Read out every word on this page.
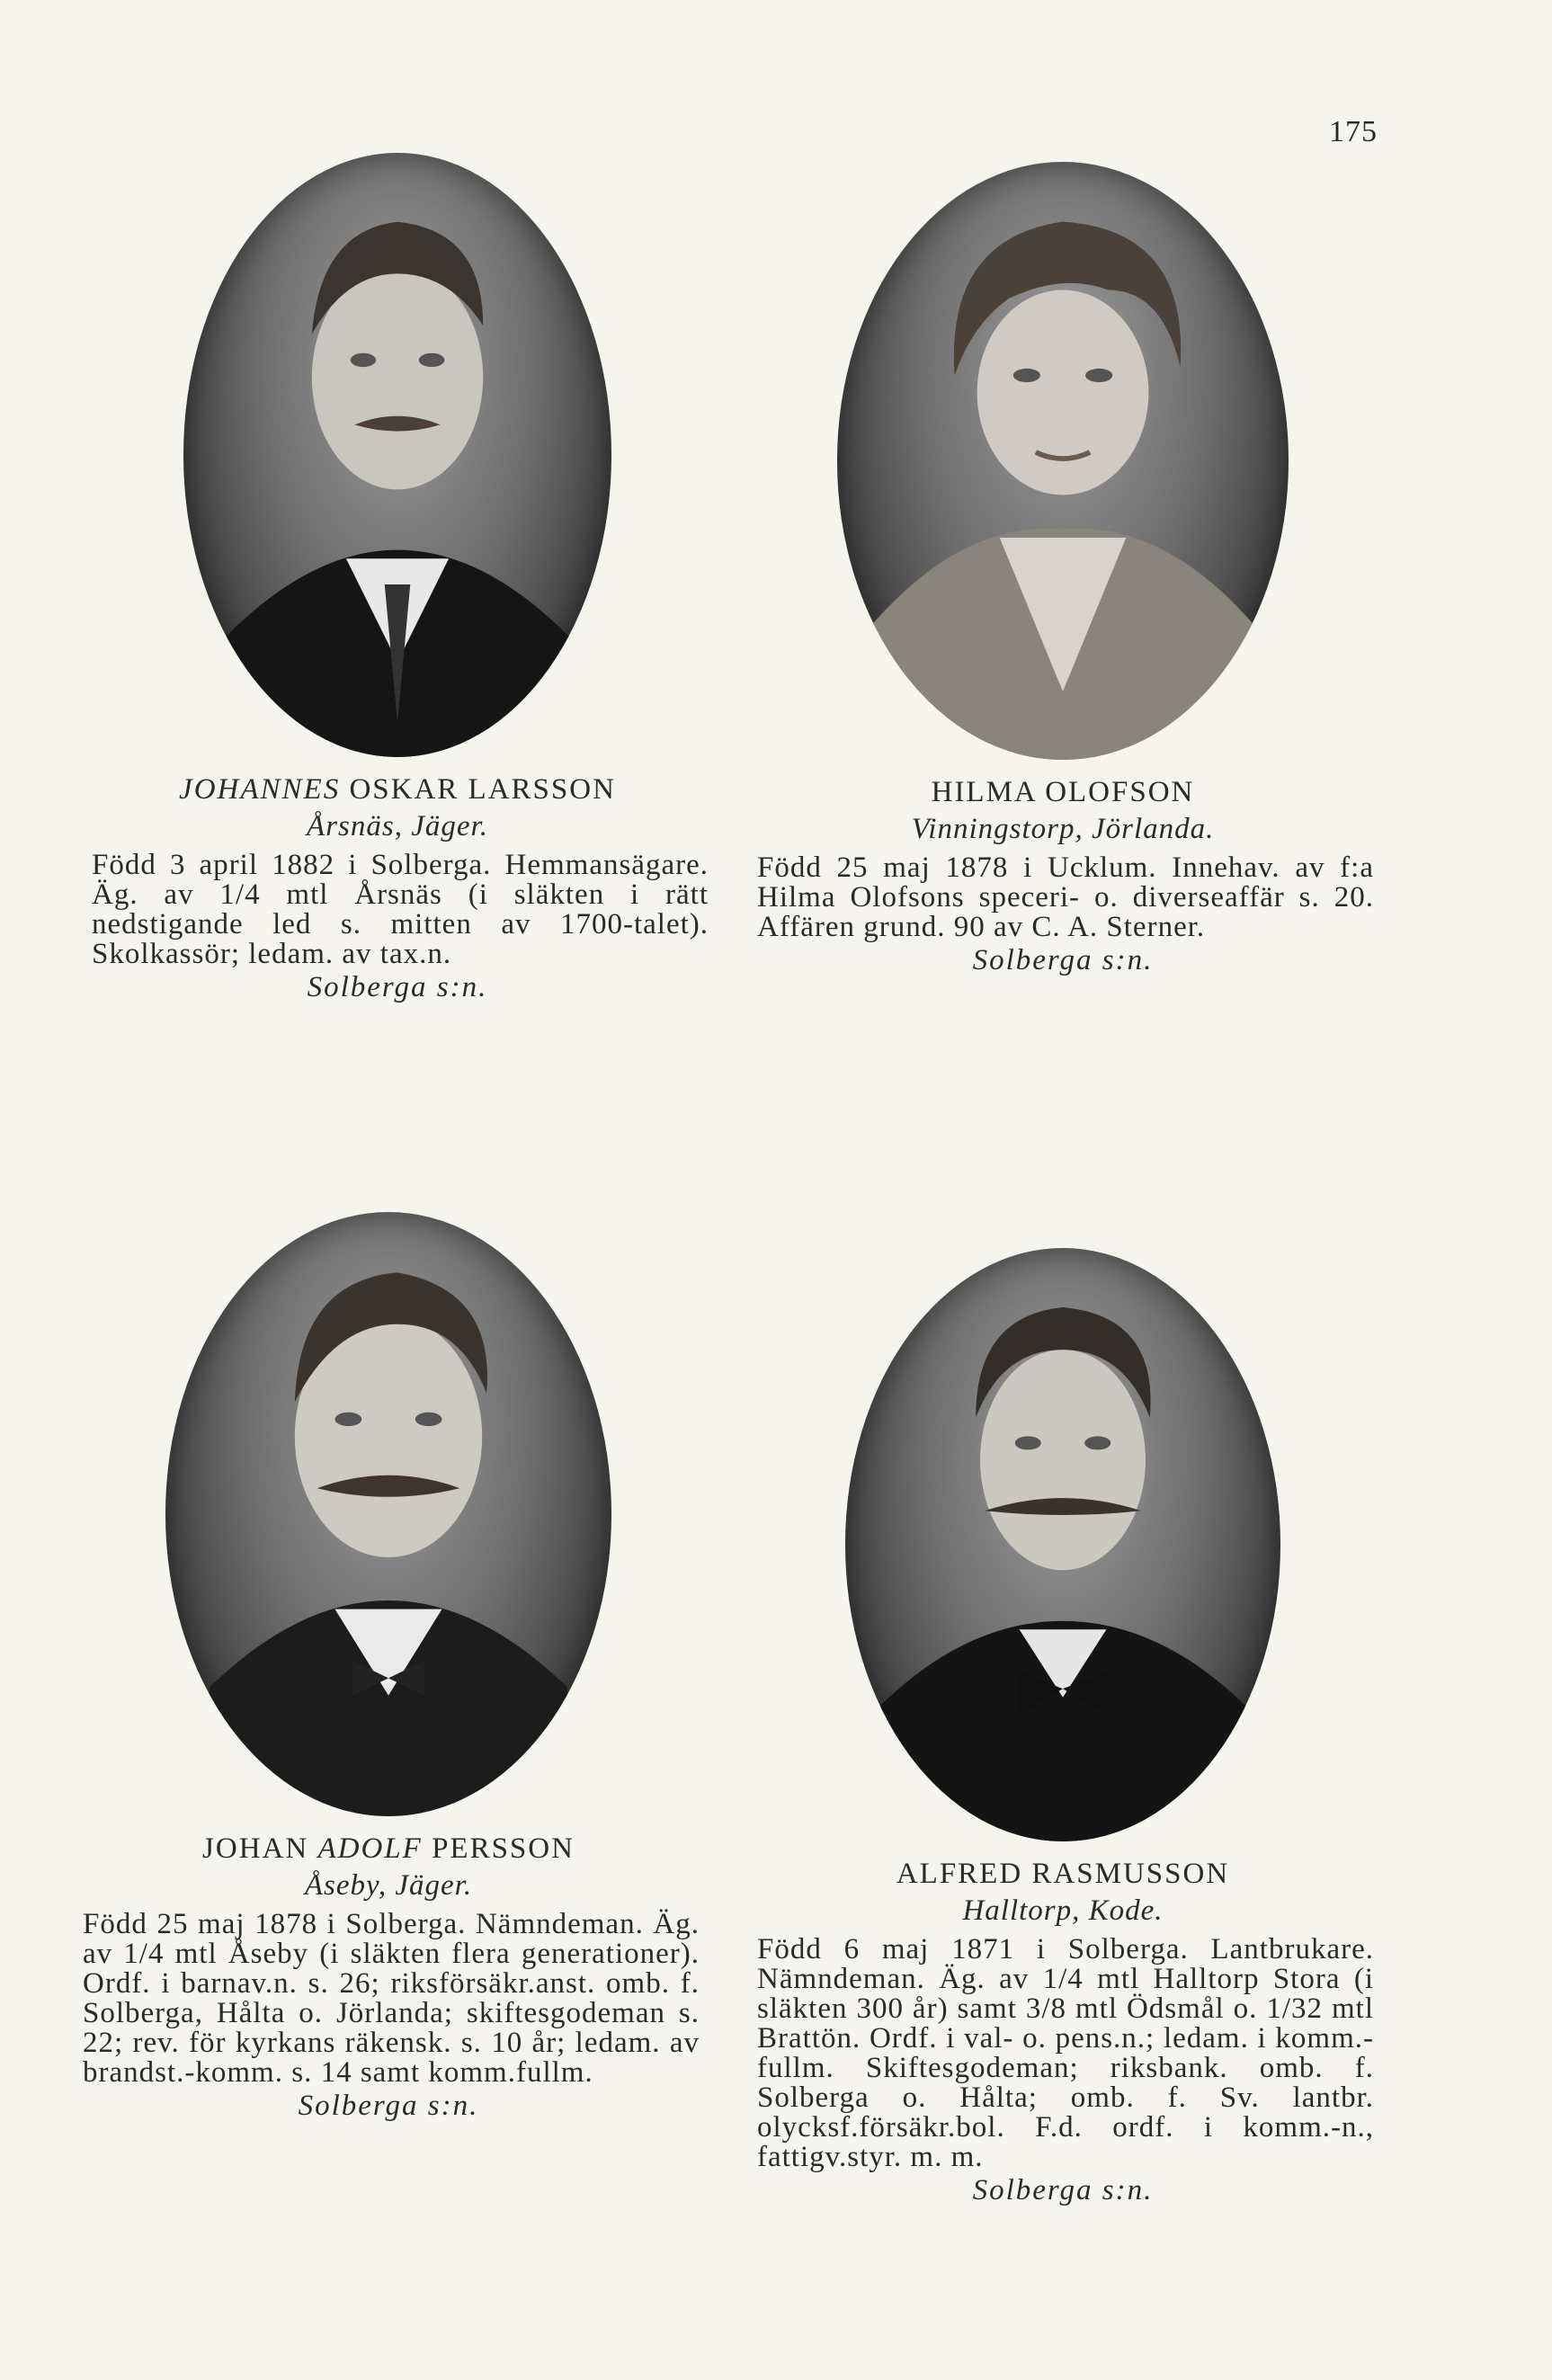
175
JOHANNES OSKAR LARSSON
Årsnäs, Jäger.
Född 3 april 1882 i Solberga. Hemmansägare. Äg. av 1/4 mtl Årsnäs (i släkten i rätt nedstigande led s. mitten av 1700-talet). Skolkassör; ledam. av tax.n.
Solberga s:n.
HILMA OLOFSON
Vinningstorp, Jörlanda.
Född 25 maj 1878 i Ucklum. Innehav. av f:a Hilma Olofsons speceri- o. diverseaffär s. 20. Affären grund. 90 av C. A. Sterner.
Solberga s:n.
JOHAN ADOLF PERSSON
Åseby, Jäger.
Född 25 maj 1878 i Solberga. Nämndeman. Äg. av 1/4 mtl Åseby (i släkten flera generationer). Ordf. i barnav.n. s. 26; riksförsäkr.anst. omb. f. Solberga, Hålta o. Jörlanda; skiftesgodeman s. 22; rev. för kyrkans räkensk. s. 10 år; ledam. av brandst.-komm. s. 14 samt komm.fullm.
Solberga s:n.
ALFRED RASMUSSON
Halltorp, Kode.
Född 6 maj 1871 i Solberga. Lantbrukare. Nämndeman. Äg. av 1/4 mtl Halltorp Stora (i släkten 300 år) samt 3/8 mtl Ödsmål o. 1/32 mtl Brattön. Ordf. i val- o. pens.n.; ledam. i komm.-fullm. Skiftesgodeman; riksbank. omb. f. Solberga o. Hålta; omb. f. Sv. lantbr. olycksf.försäkr.bol. F.d. ordf. i komm.-n., fattigv.styr. m. m.
Solberga s:n.
